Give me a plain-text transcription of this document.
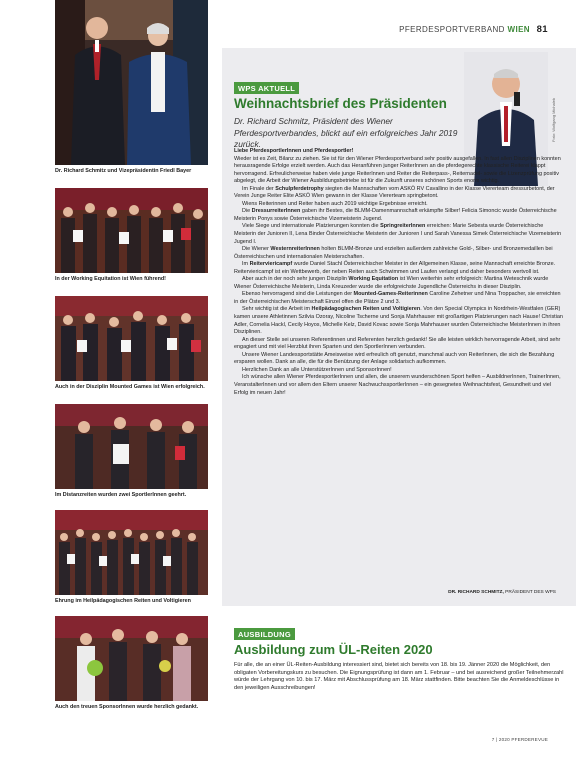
Dr. Richard Schmitz und Vizepräsidentin Friedl Bayer
In der Working Equitation ist Wien führend!
Auch in der Disziplin Mounted Games ist Wien erfolgreich.
Im Distanzreiten wurden zwei SportlerInnen geehrt.
Ehrung im Heilpädagogischen Reiten und Voltigieren
Auch den treuen SponsorInnen wurde herzlich gedankt.
PFERDESPORTVERBAND WIEN 81
WPS AKTUELL
Weihnachtsbrief des Präsidenten
Dr. Richard Schmitz, Präsident des Wiener Pferdesportverbandes, blickt auf ein erfolgreiches Jahr 2019 zurück.
Foto: Wolfgang Michalek

Liebe PferdesportlerInnen und Pferdesportler!

Wieder ist es Zeit, Bilanz zu ziehen. Sie ist für den Wiener Pferdesportverband sehr positiv ausgefallen. In fast allen Disziplinen konnten herausragende Erfolge erzielt werden. Auch das Heranführen junger ReiterInnen an die pferdegerechte klassische Reiterei klappt hervorragend. Erfreulicherweise haben viele junge ReiterInnen und Reiter die Reiterpass-, Reiternadel- sowie die Lizenzprüfung positiv abgelegt, die Arbeit der Wiener Ausbildungsbetriebe ist für die Zukunft unseres schönen Sports enorm wichtig.

Im Finale der Schulpferdetrophy siegten die Mannschaften vom ASKÖ RV Cavallino in der Klasse Viererteam dressurbetont, der Verein Junge Reiter Elite ASKÖ Wien gewann in der Klasse Viererteam springbetont.

Wiens Reiterinnen und Reiter haben auch 2019 wichtige Ergebnisse erreicht.

Die DressurreiterInnen gaben ihr Bestes, die BLMM-Damenmannschaft erkämpfte Silber! Felicia Simoncic wurde Österreichische Meisterin Ponys sowie Österreichische Vizemeisterin Jugend.

Viele Siege und internationale Platzierungen konnten die SpringreiterInnen erreichen: Marie Sebesta wurde Österreichische Meisterin der Junioren II, Lena Binder Österreichische Meisterin der Junioren I und Sarah Vanessa Simek Österreichische Vizemeisterin Jugend I.

Die Wiener WesternreiterInnen holten BLMM-Bronze und erzielten außerdem zahlreiche Gold-, Silber- und Bronzemedaillen bei Österreichischen und internationalen Meisterschaften.

Im Reiterviericampf wurde Daniel Stachl Österreichischer Meister in der Allgemeinen Klasse, seine Mannschaft erreichte Bronze. Reiterviericampf ist ein Wettbewerb, der neben Reiten auch Schwimmen und Laufen verlangt und daher besonders wertvoll ist.

Aber auch in der noch sehr jungen Disziplin Working Equitation ist Wien weiterhin sehr erfolgreich: Martina Weteschnik wurde Wiener Österreichische Meisterin, Linda Kreuzeder wurde die erfolgreichste Jugendliche Österreichs in dieser Disziplin.

Ebenso hervorragend sind die Leistungen der Mounted-Games-Reiterinnen Caroline Zehetner und Nina Troppacher, sie erreichten in der Österreichischen Meisterschaft Einzel offen die Plätze 2 und 3.

Sehr wichtig ist die Arbeit im Heilpädagogischen Reiten und Voltigieren. Von den Special Olympics in Nordrhein-Westfalen (GER) kamen unsere Athletinnen Szilvia Ozoray, Nicoline Tscherne und Sonja Mahrhauser mit großartigen Platzierungen nach Hause! Christian Adler, Cornelia Hackl, Cecily Hoyos, Michelle Kelz, David Kovac sowie Sonja Mahrhauser wurden Österreichische MeisterInnen in ihren Disziplinen.

An dieser Stelle sei unseren Referentinnen und Referenten herzlich gedankt! Sie alle leisten wirklich hervorragende Arbeit, sind sehr engagiert und mit viel Herzblut ihren Sparten und den SportlerInnen verbunden.

Unsere Wiener Landessportstätte Ameisweise wird erfreulich oft genutzt, manchmal auch von ReiterInnen, die sich die Bezahlung ersparen wollen. Dank an alle, die für die Benützung der Anlage solidarisch aufkommen.

Herzlichen Dank an alle UnterstützerInnen und SponsorInnen!

Ich wünsche allen Wiener PferdesportlerInnen und allen, die unserem wunderschönen Sport helfen – AusbildnerInnen, TrainerInnen, VeranstalterInnen und vor allem den Eltern unserer NachwuchssportlerInnen – ein gesegnetes Weihnachtsfest, Gesundheit und viel Erfolg im neuen Jahr!

DR. RICHARD SCHMITZ, PRÄSIDENT DES WPS
AUSBILDUNG
Ausbildung zum ÜL-Reiten 2020
Für alle, die an einer ÜL-Reiten-Ausbildung interessiert sind, bietet sich bereits von 18. bis 19. Jänner 2020 die Möglichkeit, den obligaten Vorbereitungskurs zu besuchen. Die Eignungsprüfung ist dann am 1. Februar – und bei ausreichend großer Teilnehmerzahl würde der Lehrgang von 10. bis 17. März mit Abschlussprüfung am 18. März stattfinden. Bitte beachten Sie die Anmeldeschlüsse in den jeweiligen Ausschreibungen!
7 | 2020 PFERDEREVUE
